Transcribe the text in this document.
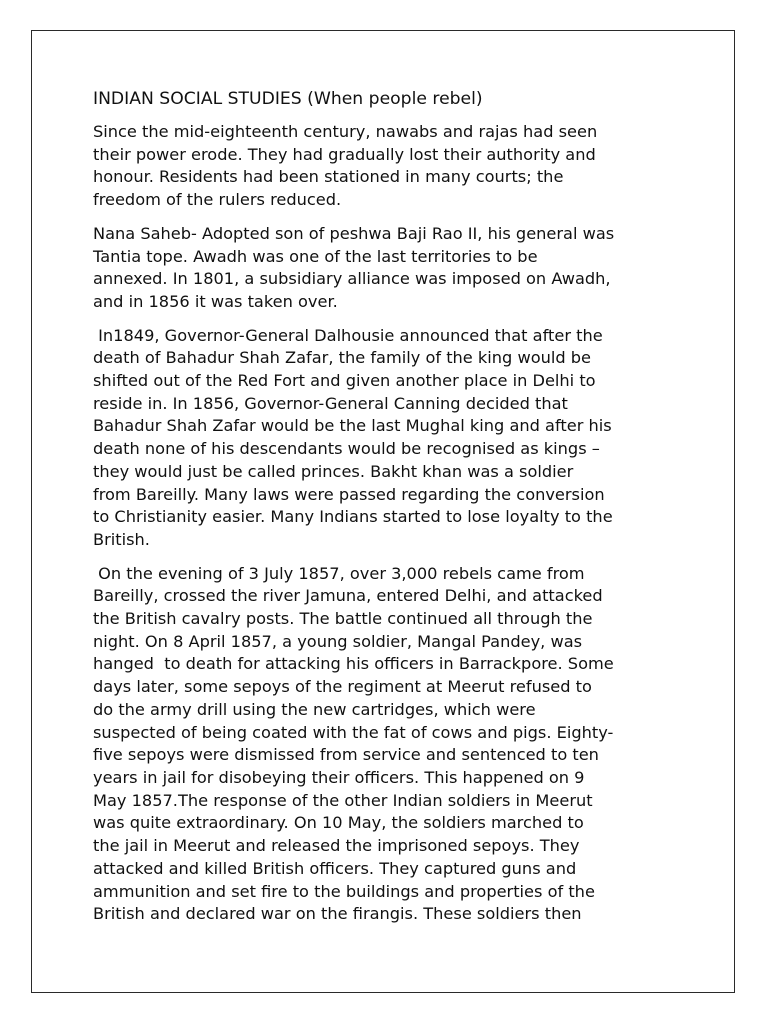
INDIAN SOCIAL STUDIES (When people rebel)

Since the mid-eighteenth century, nawabs and rajas had seen
their power erode. They had gradually lost their authority and
honour. Residents had been stationed in many courts; the
freedom of the rulers reduced.

Nana Saheb- Adopted son of peshwa Baji Rao II, his general was
Tantia tope. Awadh was one of the last territories to be
annexed. In 1801, a subsidiary alliance was imposed on Awadh,
and in 1856 it was taken over.

In1849, Governor-General Dalhousie announced that after the
death of Bahadur Shah Zafar, the family of the king would be
shifted out of the Red Fort and given another place in Delhi to
reside in. In 1856, Governor-General Canning decided that
Bahadur Shah Zafar would be the last Mughal king and after his
death none of his descendants would be recognised as kings –
they would just be called princes. Bakht khan was a soldier
from Bareilly. Many laws were passed regarding the conversion
to Christianity easier. Many Indians started to lose loyalty to the
British.

On the evening of 3 July 1857, over 3,000 rebels came from
Bareilly, crossed the river Jamuna, entered Delhi, and attacked
the British cavalry posts. The battle continued all through the
night. On 8 April 1857, a young soldier, Mangal Pandey, was
hanged  to death for attacking his officers in Barrackpore. Some
days later, some sepoys of the regiment at Meerut refused to
do the army drill using the new cartridges, which were
suspected of being coated with the fat of cows and pigs. Eighty-
five sepoys were dismissed from service and sentenced to ten
years in jail for disobeying their officers. This happened on 9
May 1857.The response of the other Indian soldiers in Meerut
was quite extraordinary. On 10 May, the soldiers marched to
the jail in Meerut and released the imprisoned sepoys. They
attacked and killed British officers. They captured guns and
ammunition and set fire to the buildings and properties of the
British and declared war on the firangis. These soldiers then
